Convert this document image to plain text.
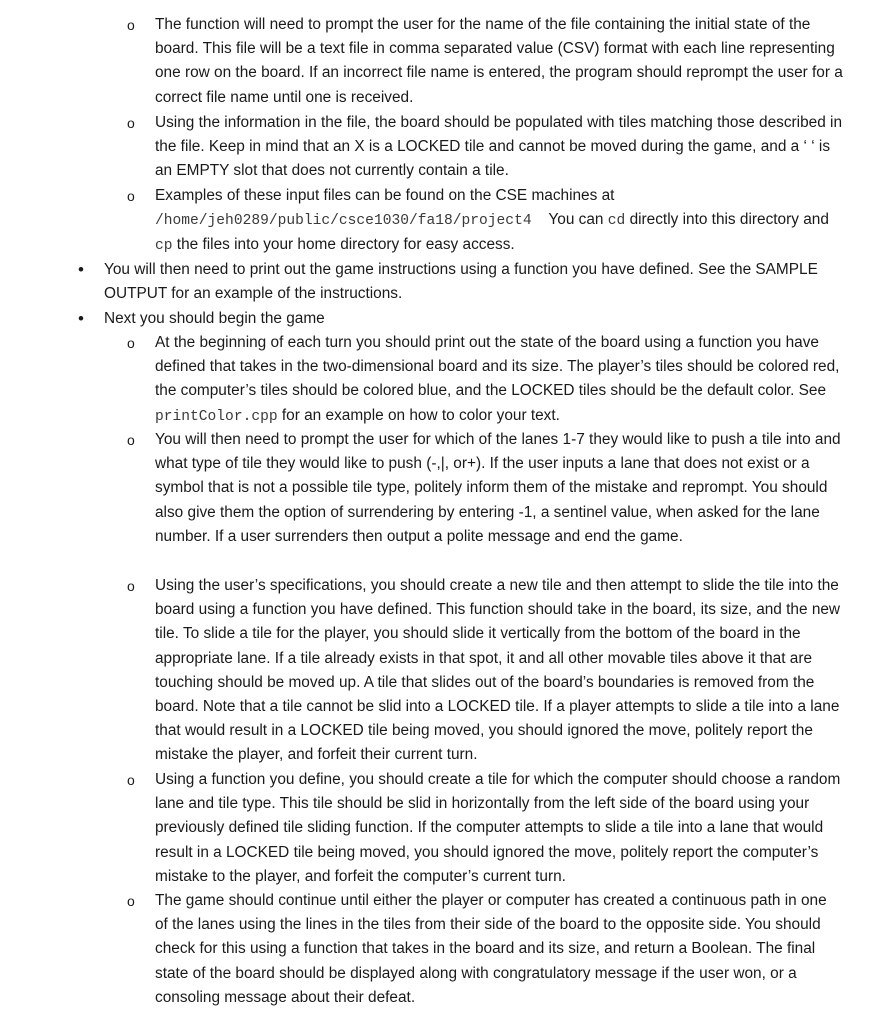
o The function will need to prompt the user for the name of the file containing the initial state of the board. This file will be a text file in comma separated value (CSV) format with each line representing one row on the board. If an incorrect file name is entered, the program should reprompt the user for a correct file name until one is received.
o Using the information in the file, the board should be populated with tiles matching those described in the file. Keep in mind that an X is a LOCKED tile and cannot be moved during the game, and a ‘ ‘ is an EMPTY slot that does not currently contain a tile.
o Examples of these input files can be found on the CSE machines at
/home/jeh0289/public/csce1030/fa18/project4 You can cd directly into this directory and cp the files into your home directory for easy access.
• You will then need to print out the game instructions using a function you have defined. See the SAMPLE OUTPUT for an example of the instructions.
• Next you should begin the game
o At the beginning of each turn you should print out the state of the board using a function you have defined that takes in the two-dimensional board and its size. The player’s tiles should be colored red, the computer’s tiles should be colored blue, and the LOCKED tiles should be the default color. See printColor.cpp for an example on how to color your text.
o You will then need to prompt the user for which of the lanes 1-7 they would like to push a tile into and what type of tile they would like to push (-,|, or+). If the user inputs a lane that does not exist or a symbol that is not a possible tile type, politely inform them of the mistake and reprompt. You should also give them the option of surrendering by entering -1, a sentinel value, when asked for the lane number. If a user surrenders then output a polite message and end the game.
o Using the user’s specifications, you should create a new tile and then attempt to slide the tile into the board using a function you have defined. This function should take in the board, its size, and the new tile. To slide a tile for the player, you should slide it vertically from the bottom of the board in the appropriate lane. If a tile already exists in that spot, it and all other movable tiles above it that are touching should be moved up. A tile that slides out of the board’s boundaries is removed from the board. Note that a tile cannot be slid into a LOCKED tile. If a player attempts to slide a tile into a lane that would result in a LOCKED tile being moved, you should ignored the move, politely report the mistake the player, and forfeit their current turn.
o Using a function you define, you should create a tile for which the computer should choose a random lane and tile type. This tile should be slid in horizontally from the left side of the board using your previously defined tile sliding function. If the computer attempts to slide a tile into a lane that would result in a LOCKED tile being moved, you should ignored the move, politely report the computer’s mistake to the player, and forfeit the computer’s current turn.
o The game should continue until either the player or computer has created a continuous path in one of the lanes using the lines in the tiles from their side of the board to the opposite side. You should check for this using a function that takes in the board and its size, and return a Boolean. The final state of the board should be displayed along with congratulatory message if the user won, or a consoling message about their defeat.
